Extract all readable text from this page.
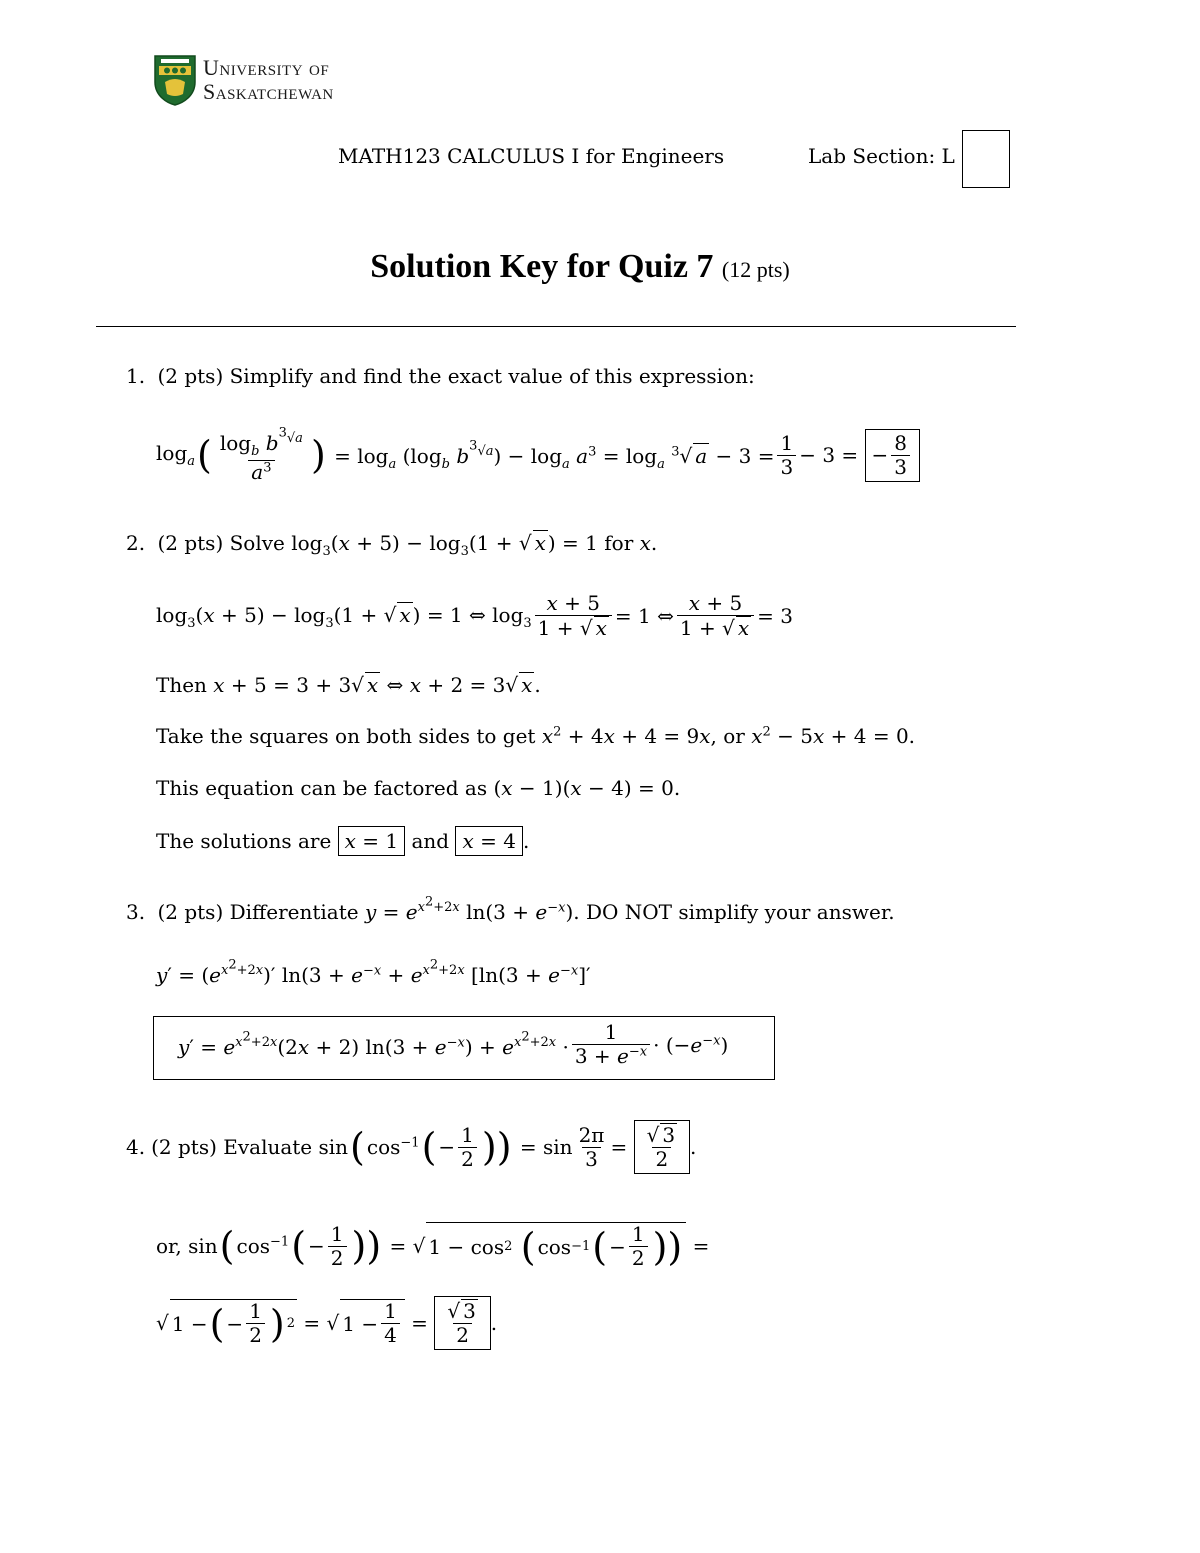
University of
Saskatchewan
MATH123 CALCULUS I for Engineers	Lab Section: L
Solution Key for Quiz 7 (12 pts)
1. (2 pts) Simplify and find the exact value of this expression:
$\log_a$ ( $\frac{\log_b b^{^3√a}}{a^3}$ ) = $\log_a (\log_b$ $b^{^3√a}) - \log_a a^3 = \log_a ^3√$ $a - 3 = \frac{1}{3} - 3$ = − $\frac{8}{3}$
2. (2 pts) Solve $\log_3(x + 5) - \log_3(1$ + √ x ) = 1 for x.
$\log_3(x + 5) - \log_3(1$ + √ x ) = 1 ⇔ $\log_3 \frac{x + 5}{1 + √ x} = 1$ ⇔ $\frac{x + 5}{1 + √ x} = 3$
Then x + 5 = 3 + 3√ x ⇔ x + 2 = 3√ x .
Take the squares on both sides to get $x^2 + 4x + 4 = 9x$, or $x^2 - 5x + 4 = 0$.
This equation can be factored as (x − 1)(x − 4) = 0.
The solutions are
x = 1
and
x = 4 .
3. (2 pts) Differentiate $y = e^{x^2+2x}$ $\ln(3 + e^{-x})$. DO NOT simplify your answer.
$y' = (e^{x^2+2x})'$ $\ln(3 + e^{-x} + e^{x^2+2x}$ [$\ln(3 + e^{-x}]'$
$y' = e^{x^2+2x}(2x + 2) \ln(3 + e^{-x}) + e^{x^2+2x} \cdot \frac{1}{3 + e^{-x}} \cdot (-e^{-x})$
4. (2 pts) Evaluate sin ( $\cos^{-1}$ ( − $\frac{1}{2}$ )) = $\sin \frac{2\pi}{3} = \frac{√ 3}{2}$ .
or, sin ( $\cos^{-1}$ ( − $\frac{1}{2}$ )) = √ 1 − cos 2
( cos −1 ( − $\frac{1}{2}$ )) =
√ 1 − ( − $\frac{1}{2}$ ) 2 = √ $1 - \frac{1}{4} = \frac{√ 3}{2}$ .
